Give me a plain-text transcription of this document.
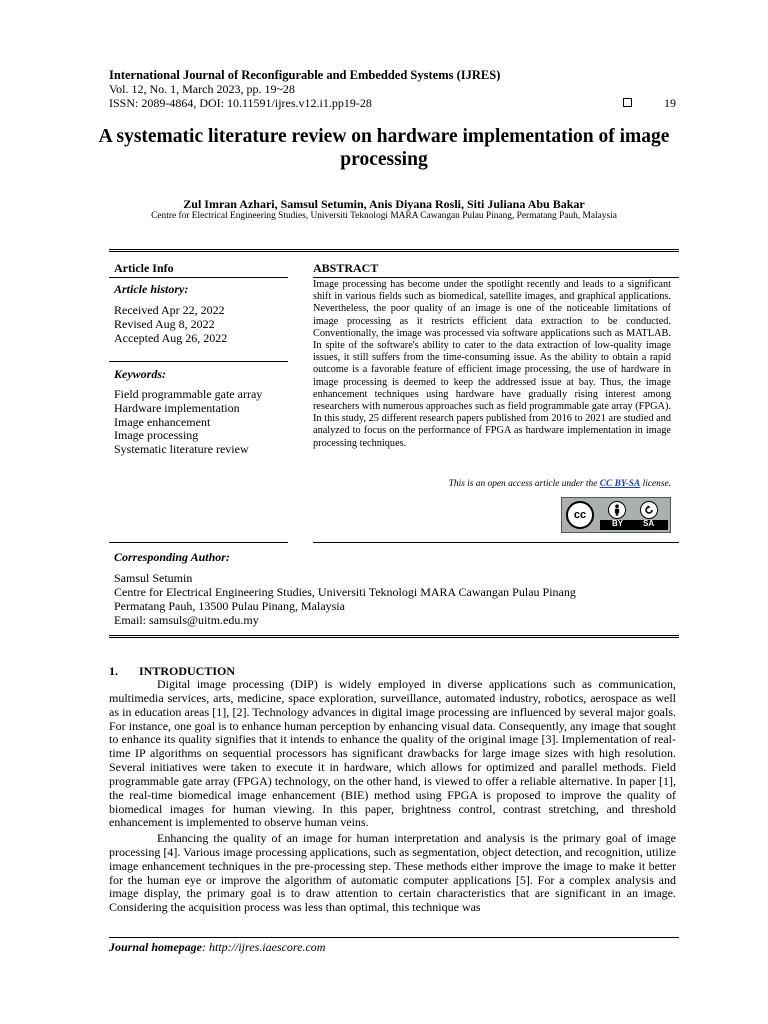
International Journal of Reconfigurable and Embedded Systems (IJRES)
Vol. 12, No. 1, March 2023, pp. 19~28
ISSN: 2089-4864, DOI: 10.11591/ijres.v12.i1.pp19-28	19
A systematic literature review on hardware implementation of image processing
Zul Imran Azhari, Samsul Setumin, Anis Diyana Rosli, Siti Juliana Abu Bakar
Centre for Electrical Engineering Studies, Universiti Teknologi MARA Cawangan Pulau Pinang, Permatang Pauh, Malaysia
Article Info
Article history:
Received Apr 22, 2022
Revised Aug 8, 2022
Accepted Aug 26, 2022
Keywords:
Field programmable gate array
Hardware implementation
Image enhancement
Image processing
Systematic literature review
ABSTRACT
Image processing has become under the spotlight recently and leads to a significant shift in various fields such as biomedical, satellite images, and graphical applications. Nevertheless, the poor quality of an image is one of the noticeable limitations of image processing as it restricts efficient data extraction to be conducted. Conventionally, the image was processed via software applications such as MATLAB. In spite of the software's ability to cater to the data extraction of low-quality image issues, it still suffers from the time-consuming issue. As the ability to obtain a rapid outcome is a favorable feature of efficient image processing, the use of hardware in image processing is deemed to keep the addressed issue at bay. Thus, the image enhancement techniques using hardware have gradually rising interest among researchers with numerous approaches such as field programmable gate array (FPGA). In this study, 25 different research papers published from 2016 to 2021 are studied and analyzed to focus on the performance of FPGA as hardware implementation in image processing techniques.
This is an open access article under the CC BY-SA license.
cc
BY SA
Corresponding Author:
Samsul Setumin
Centre for Electrical Engineering Studies, Universiti Teknologi MARA Cawangan Pulau Pinang
Permatang Pauh, 13500 Pulau Pinang, Malaysia
Email: samsuls@uitm.edu.my
1.       INTRODUCTION
Digital image processing (DIP) is widely employed in diverse applications such as communication, multimedia services, arts, medicine, space exploration, surveillance, automated industry, robotics, aerospace as well as in education areas [1], [2]. Technology advances in digital image processing are influenced by several major goals. For instance, one goal is to enhance human perception by enhancing visual data. Consequently, any image that sought to enhance its quality signifies that it intends to enhance the quality of the original image [3]. Implementation of real-time IP algorithms on sequential processors has significant drawbacks for large image sizes with high resolution. Several initiatives were taken to execute it in hardware, which allows for optimized and parallel methods. Field programmable gate array (FPGA) technology, on the other hand, is viewed to offer a reliable alternative. In paper [1], the real-time biomedical image enhancement (BIE) method using FPGA is proposed to improve the quality of biomedical images for human viewing. In this paper, brightness control, contrast stretching, and threshold enhancement is implemented to observe human veins.
Enhancing the quality of an image for human interpretation and analysis is the primary goal of image processing [4]. Various image processing applications, such as segmentation, object detection, and recognition, utilize image enhancement techniques in the pre-processing step. These methods either improve the image to make it better for the human eye or improve the algorithm of automatic computer applications [5]. For a complex analysis and image display, the primary goal is to draw attention to certain characteristics that are significant in an image. Considering the acquisition process was less than optimal, this technique was
Journal homepage: http://ijres.iaescore.com
